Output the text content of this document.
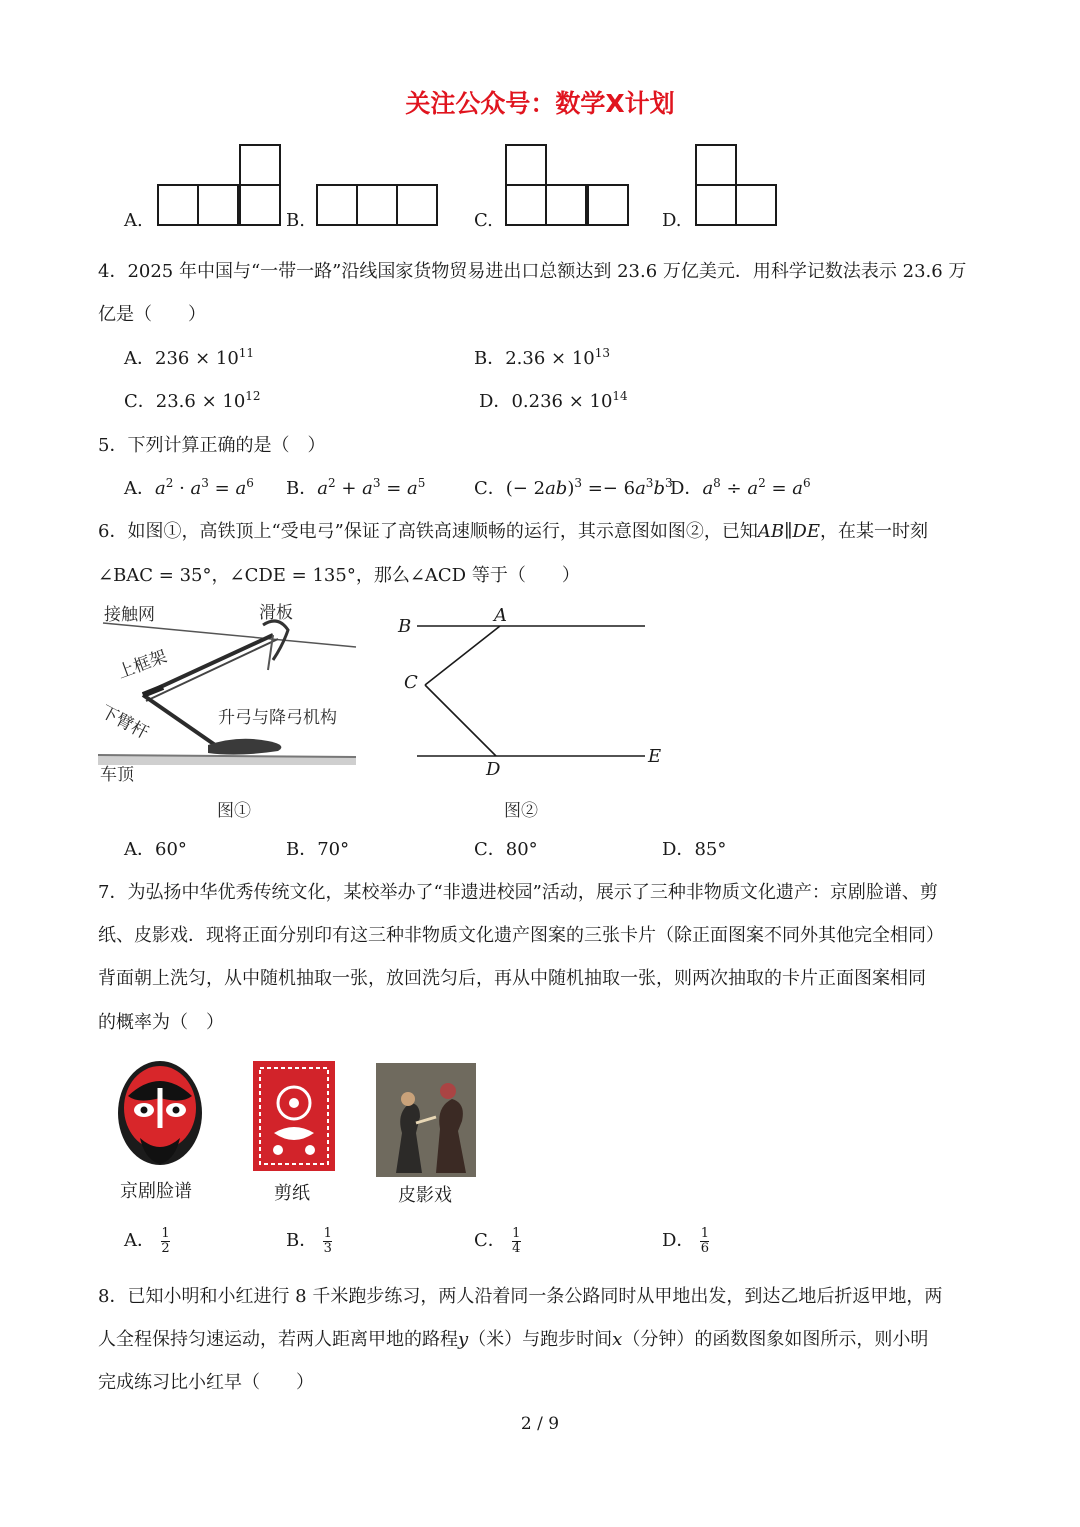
关注公众号：数学X计划
A.	B.	C.	D.
4．2025 年中国与“一带一路”沿线国家货物贸易进出口总额达到 23.6 万亿美元．用科学记数法表示 23.6 万
亿是（　　）
A．$236 \times 10^{11}$	B．$2.36 \times 10^{13}$
C．$23.6 \times 10^{12}$	D．$0.236 \times 10^{14}$
5．下列计算正确的是（　）
A．$a^2 \cdot a^3 = a^6$ B．$a^2 + a^3 = a^5$	C．(− $2ab)^3 =- 6a^3b^3$
D．$a^8 \div a^2 = a^6$
6．如图①，高铁顶上“受电弓”保证了高铁高速顺畅的运行，其示意图如图②，已知AB∥DE，在某一时刻
∠BAC = 35°，∠CDE = 135°，那么∠ACD 等于（　　）
接触网	滑板
上框架
下臂杆	升弓与降弓机构
车顶
图①
B
A
C
D
E
图②
A．60°	B．70°	C．80°	D．85°
7．为弘扬中华优秀传统文化，某校举办了“非遗进校园”活动，展示了三种非物质文化遗产：京剧脸谱、剪
纸、皮影戏．现将正面分别印有这三种非物质文化遗产图案的三张卡片（除正面图案不同外其他完全相同）
背面朝上洗匀，从中随机抽取一张，放回洗匀后，再从中随机抽取一张，则两次抽取的卡片正面图案相同
的概率为（　）
京剧脸谱	剪纸	皮影戏
A． $\frac{1}{2}$	B． $\frac{1}{3}$	C． $\frac{1}{4}$	D． $\frac{1}{6}$
8．已知小明和小红进行 8 千米跑步练习，两人沿着同一条公路同时从甲地出发，到达乙地后折返甲地，两
人全程保持匀速运动，若两人距离甲地的路程y（米）与跑步时间x（分钟）的函数图象如图所示，则小明
完成练习比小红早（　　）
2 / 9
